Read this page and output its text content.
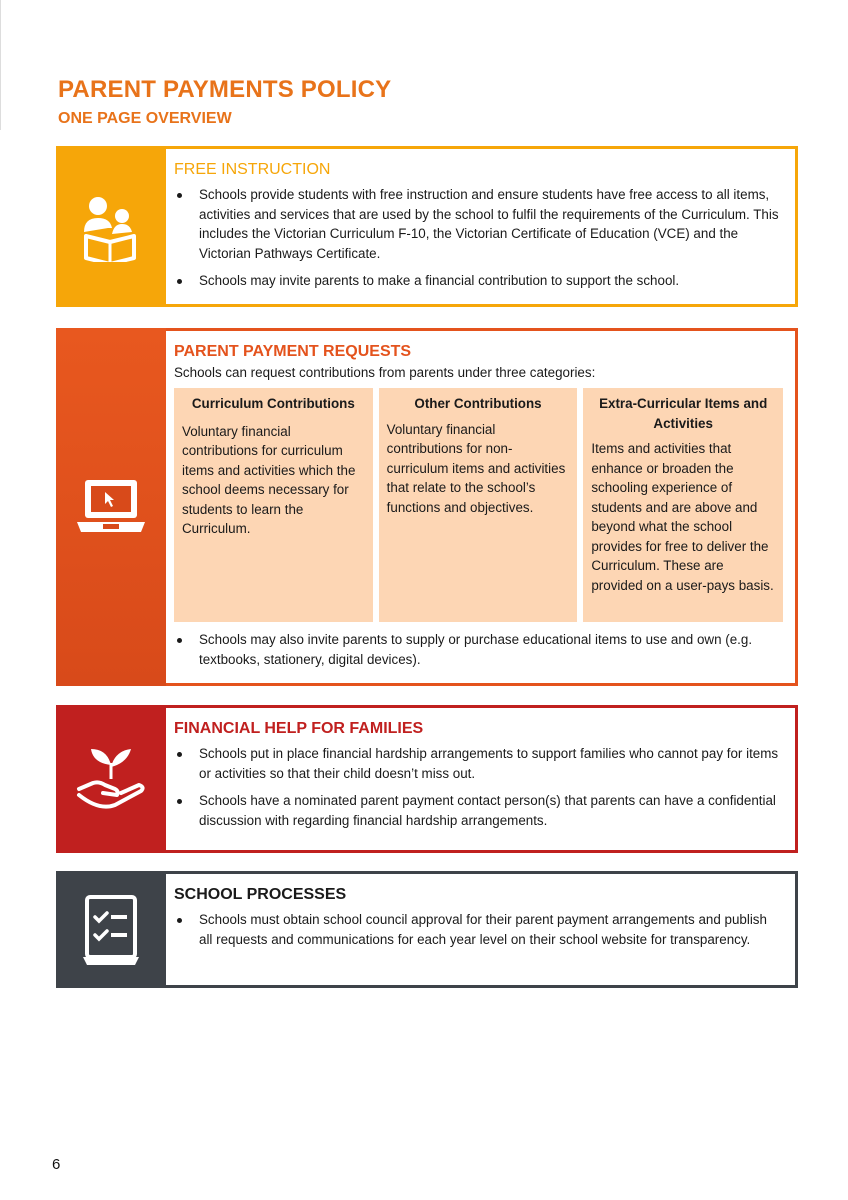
PARENT PAYMENTS POLICY
ONE PAGE OVERVIEW
FREE INSTRUCTION
Schools provide students with free instruction and ensure students have free access to all items, activities and services that are used by the school to fulfil the requirements of the Curriculum. This includes the Victorian Curriculum F-10, the Victorian Certificate of Education (VCE) and the Victorian Pathways Certificate.
Schools may invite parents to make a financial contribution to support the school.
PARENT PAYMENT REQUESTS

Schools can request contributions from parents under three categories:

Curriculum Contributions
Voluntary financial contributions for curriculum items and activities which the school deems necessary for students to learn the Curriculum.
Other Contributions
Voluntary financial contributions for non-curriculum items and activities that relate to the school’s functions and objectives.
Extra-Curricular Items and Activities
Items and activities that enhance or broaden the schooling experience of students and are above and beyond what the school provides for free to deliver the Curriculum. These are provided on a user-pays basis.
Schools may also invite parents to supply or purchase educational items to use and own (e.g. textbooks, stationery, digital devices).
FINANCIAL HELP FOR FAMILIES
Schools put in place financial hardship arrangements to support families who cannot pay for items or activities so that their child doesn’t miss out.
Schools have a nominated parent payment contact person(s) that parents can have a confidential discussion with regarding financial hardship arrangements.
SCHOOL PROCESSES
Schools must obtain school council approval for their parent payment arrangements and publish all requests and communications for each year level on their school website for transparency.
6
